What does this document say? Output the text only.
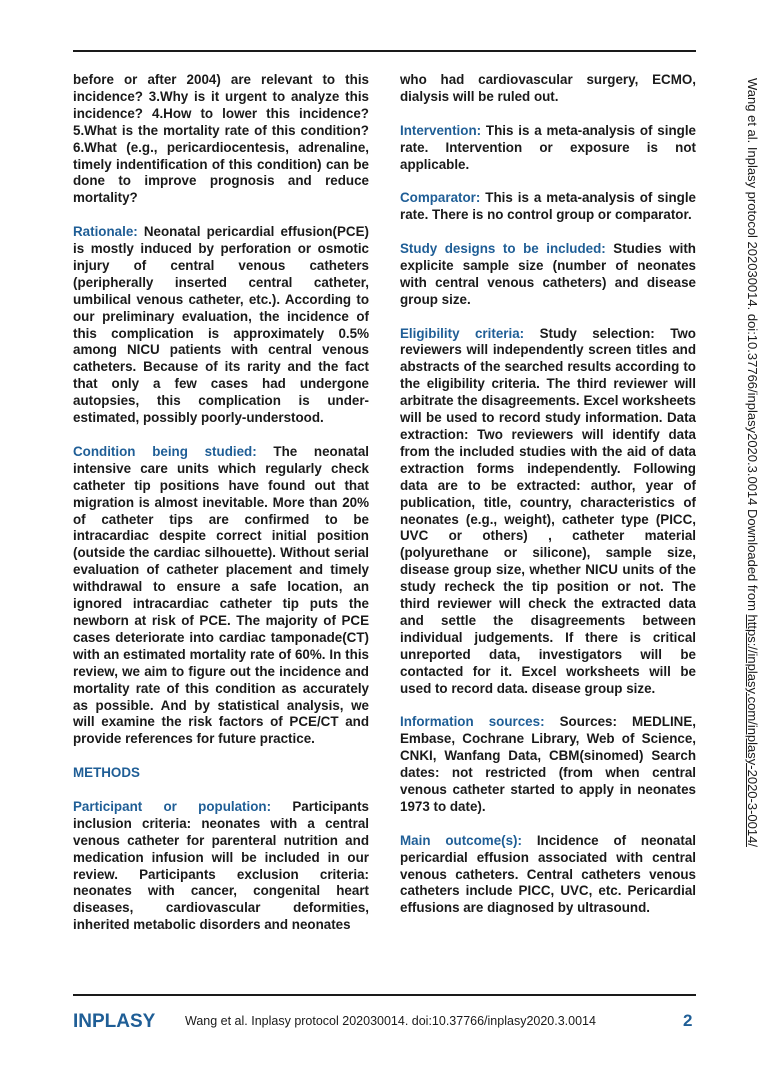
before or after 2004) are relevant to this incidence? 3.Why is it urgent to analyze this incidence? 4.How to lower this incidence? 5.What is the mortality rate of this condition? 6.What (e.g., pericardiocentesis, adrenaline, timely indentification of this condition) can be done to improve prognosis and reduce mortality?

Rationale: Neonatal pericardial effusion(PCE) is mostly induced by perforation or osmotic injury of central venous catheters (peripherally inserted central catheter, umbilical venous catheter, etc.). According to our preliminary evaluation, the incidence of this complication is approximately 0.5% among NICU patients with central venous catheters. Because of its rarity and the fact that only a few cases had undergone autopsies, this complication is under-estimated, possibly poorly-understood.

Condition being studied: The neonatal intensive care units which regularly check catheter tip positions have found out that migration is almost inevitable. More than 20% of catheter tips are confirmed to be intracardiac despite correct initial position (outside the cardiac silhouette). Without serial evaluation of catheter placement and timely withdrawal to ensure a safe location, an ignored intracardiac catheter tip puts the newborn at risk of PCE. The majority of PCE cases deteriorate into cardiac tamponade(CT) with an estimated mortality rate of 60%. In this review, we aim to figure out the incidence and mortality rate of this condition as accurately as possible. And by statistical analysis, we will examine the risk factors of PCE/CT and provide references for future practice.

METHODS

Participant or population: Participants inclusion criteria: neonates with a central venous catheter for parenteral nutrition and medication infusion will be included in our review. Participants exclusion criteria: neonates with cancer, congenital heart diseases, cardiovascular deformities, inherited metabolic disorders and neonates

who had cardiovascular surgery, ECMO, dialysis will be ruled out.

Intervention: This is a meta-analysis of single rate. Intervention or exposure is not applicable.

Comparator: This is a meta-analysis of single rate. There is no control group or comparator.

Study designs to be included: Studies with explicite sample size (number of neonates with central venous catheters) and disease group size.

Eligibility criteria: Study selection: Two reviewers will independently screen titles and abstracts of the searched results according to the eligibility criteria. The third reviewer will arbitrate the disagreements. Excel worksheets will be used to record study information. Data extraction: Two reviewers will identify data from the included studies with the aid of data extraction forms independently. Following data are to be extracted: author, year of publication, title, country, characteristics of neonates (e.g., weight), catheter type (PICC, UVC or others) , catheter material (polyurethane or silicone), sample size, disease group size, whether NICU units of the study recheck the tip position or not. The third reviewer will check the extracted data and settle the disagreements between individual judgements. If there is critical unreported data, investigators will be contacted for it. Excel worksheets will be used to record data. disease group size.

Information sources: Sources: MEDLINE, Embase, Cochrane Library, Web of Science, CNKI, Wanfang Data, CBM(sinomed) Search dates: not restricted (from when central venous catheter started to apply in neonates 1973 to date).

Main outcome(s): Incidence of neonatal pericardial effusion associated with central venous catheters. Central catheters venous catheters include PICC, UVC, etc. Pericardial effusions are diagnosed by ultrasound.

Wang et al. Inplasy protocol 202030014. doi:10.37766/inplasy2020.3.0014 Downloaded from https://inplasy.com/inplasy-2020-3-0014/
INPLASY Wang et al. Inplasy protocol 202030014. doi:10.37766/inplasy2020.3.0014	2
